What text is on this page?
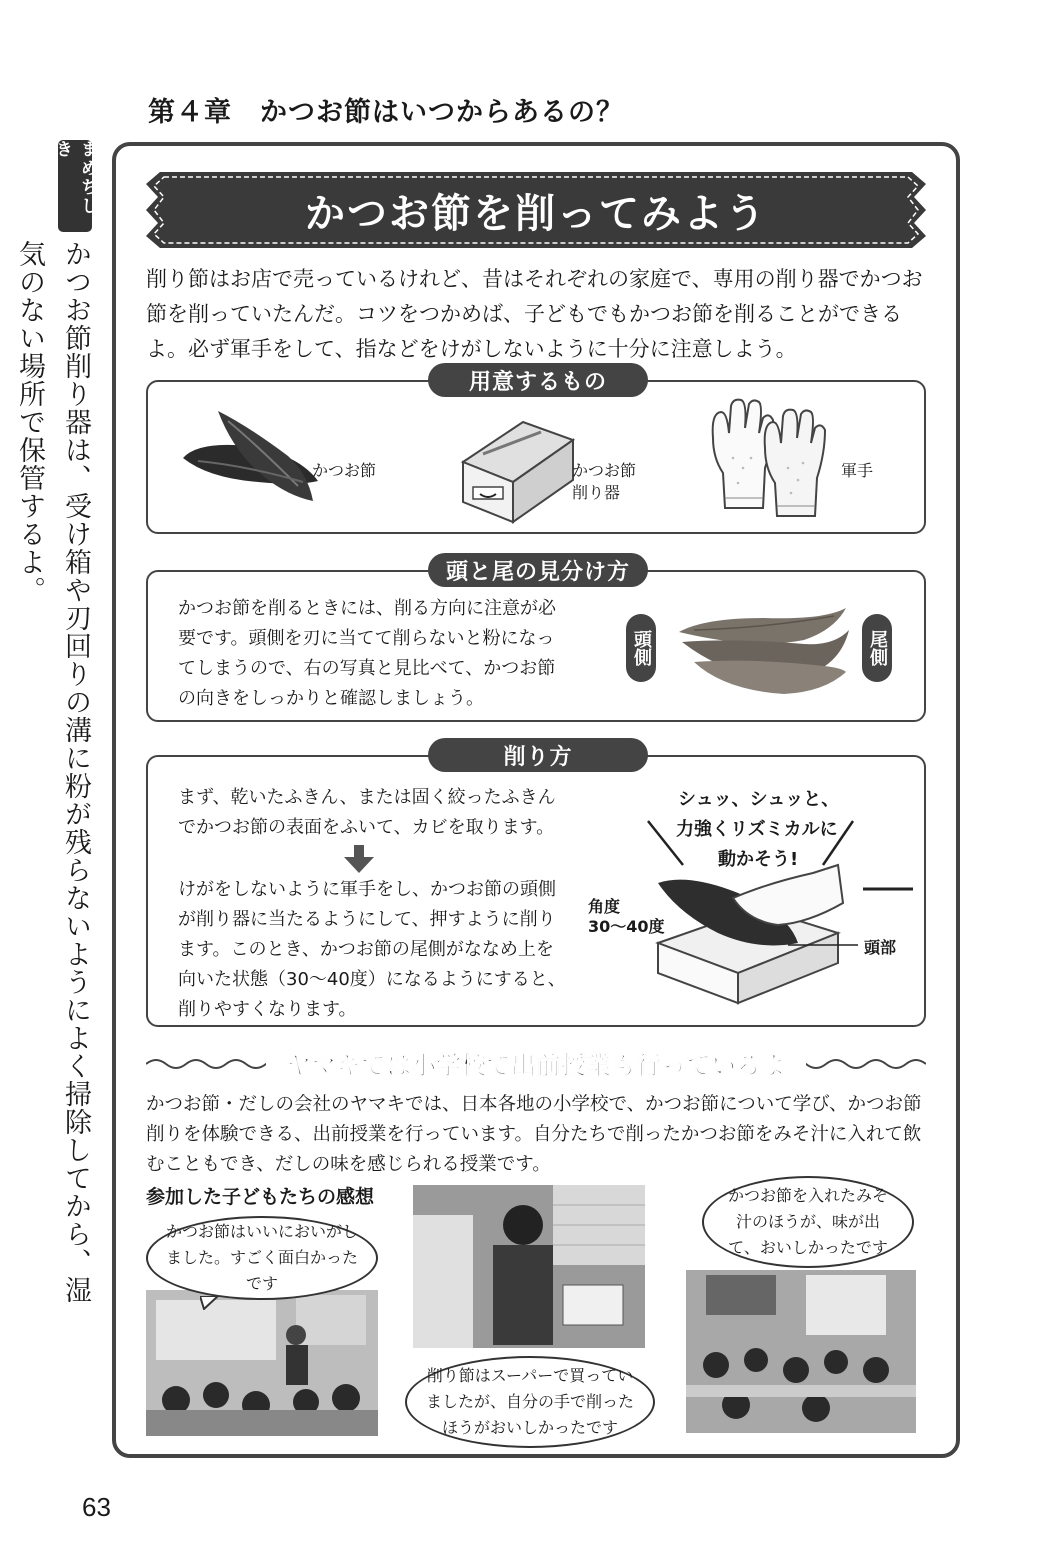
第４章　かつお節はいつからあるの？
まめちしき
かつお節削り器は、受け箱や刃回りの溝に粉が残らないようによく掃除してから、湿気のない場所で保管するよ。
かつお節を削ってみよう
削り節はお店で売っているけれど、昔はそれぞれの家庭で、専用の削り器でかつお節を削っていたんだ。コツをつかめば、子どもでもかつお節を削ることができるよ。必ず軍手をして、指などをけがしないように十分に注意しよう。
用意するもの
かつお節	かつお節
削り器
軍手
頭と尾の見分け方
かつお節を削るときには、削る方向に注意が必要です。頭側を刃に当てて削らないと粉になってしまうので、右の写真と見比べて、かつお節の向きをしっかりと確認しましょう。
頭側	尾側
削り方
まず、乾いたふきん、または固く絞ったふきんでかつお節の表面をふいて、カビを取ります。
けがをしないように軍手をし、かつお節の頭側が削り器に当たるようにして、押すように削ります。このとき、かつお節の尾側がななめ上を向いた状態（30～40度）になるようにすると、削りやすくなります。
シュッ、シュッと、
力強くリズミカルに
動かそう!
角度
30～40度
頭部
ヤマキでは小学校で出前授業も行っているよ
かつお節・だしの会社のヤマキでは、日本各地の小学校で、かつお節について学び、かつお節削りを体験できる、出前授業を行っています。自分たちで削ったかつお節をみそ汁に入れて飲むこともでき、だしの味を感じられる授業です。
参加した子どもたちの感想
かつお節はいいにおいがしました。すごく面白かったです
削り節はスーパーで買っていましたが、自分の手で削ったほうがおいしかったです
かつお節を入れたみそ汁のほうが、味が出て、おいしかったです
63
